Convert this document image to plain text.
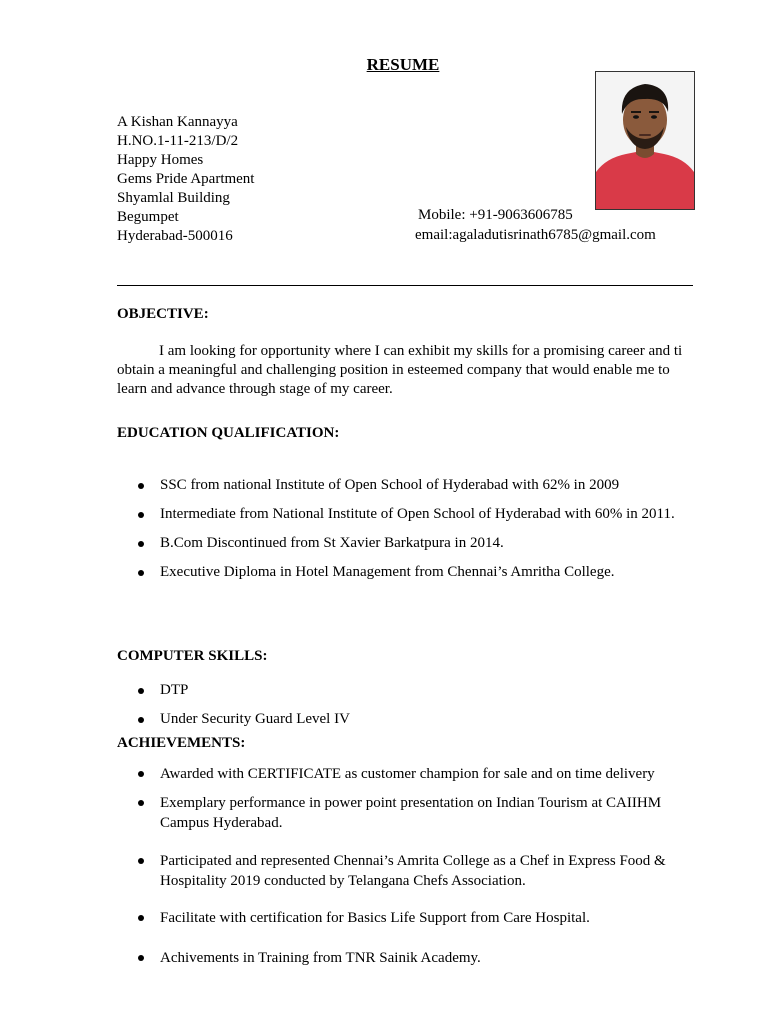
RESUME
A Kishan Kannayya
H.NO.1-11-213/D/2
Happy Homes
Gems Pride Apartment
Shyamlal Building
Begumpet
Hyderabad-500016
Mobile: +91-9063606785
email:agaladutisrinath6785@gmail.com
OBJECTIVE:

I am looking for opportunity where I can exhibit my skills for a promising career and ti obtain a meaningful and challenging position in esteemed company that would enable me to learn and advance through stage of my career.

EDUCATION QUALIFICATION:
SSC from national Institute of Open School of Hyderabad with 62% in 2009
Intermediate from National Institute of Open School of Hyderabad with 60% in 2011.
B.Com Discontinued from St Xavier Barkatpura in 2014.
Executive Diploma in Hotel Management from Chennai’s Amritha College.
COMPUTER SKILLS:
DTP
Under Security Guard Level IV
ACHIEVEMENTS:
Awarded with CERTIFICATE as customer champion for sale and on time delivery
Exemplary performance in power point presentation on Indian Tourism at CAIIHM Campus Hyderabad.
Participated and represented Chennai’s Amrita College as a Chef in Express Food & Hospitality 2019 conducted by Telangana Chefs Association.
Facilitate with certification for Basics Life Support from Care Hospital.
Achivements in Training from TNR Sainik Academy.
